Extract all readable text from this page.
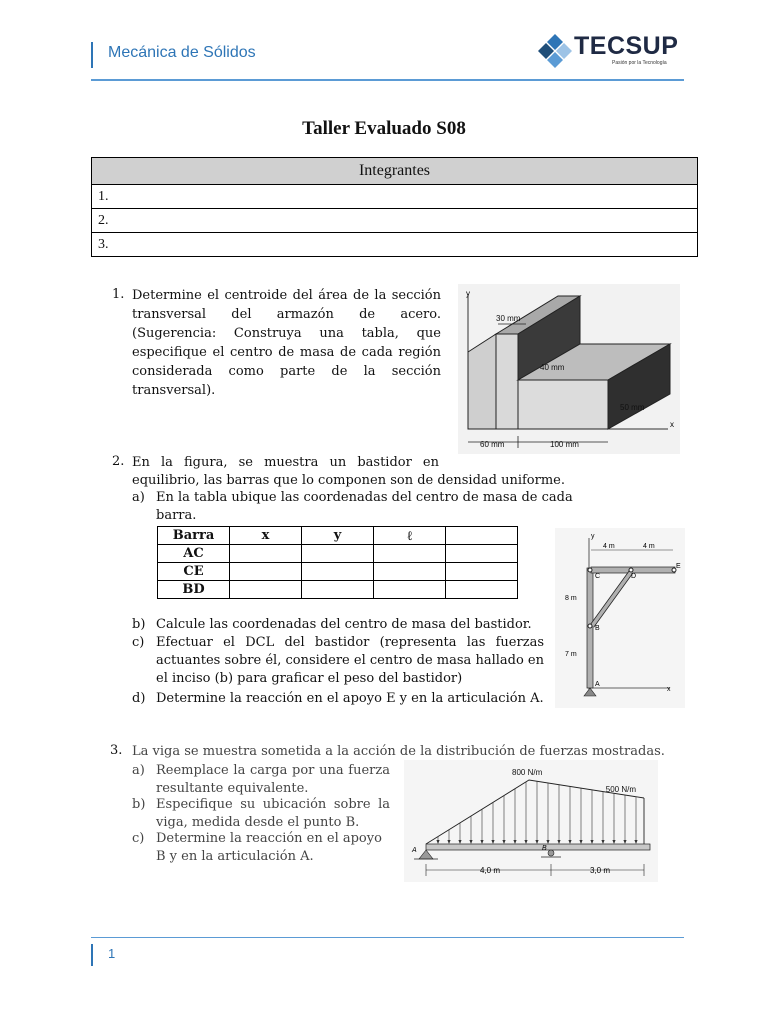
Mecánica de Sólidos	TECSUP
Pasión por la Tecnología
Taller Evaluado S08
Integrantes
1.
2.
3.
1. Determine el centroide del área de la sección transversal del armazón de acero. (Sugerencia: Construya una tabla, que especifique el centro de masa de cada región considerada como parte de la sección transversal).
y
x
30 mm
40 mm
50 mm
60 mm	100 mm
2. En la figura, se muestra un bastidor en
equilibrio, las barras que lo componen son de densidad uniforme.
a) En la tabla ubique las coordenadas del centro de masa de cada barra.
Barra	x	y	ℓ	
AC				
CE				
BD				
b) Calcule las coordenadas del centro de masa del bastidor.
c) Efectuar el DCL del bastidor (representa las fuerzas actuantes sobre él, considere el centro de masa hallado en el inciso (b) para graficar el peso del bastidor)
d) Determine la reacción en el apoyo E y en la articulación A.
y
x
4 m	4 m
8 m
7 m
C	D
E
B
A
3. La viga se muestra sometida a la acción de la distribución de fuerzas mostradas.
a) Reemplace la carga por una fuerza resultante equivalente.
b) Especifique su ubicación sobre la viga, medida desde el punto B.
c) Determine la reacción en el apoyo B y en la articulación A.
800 N/m
500 N/m
A	B
4,0 m	3,0 m
1
